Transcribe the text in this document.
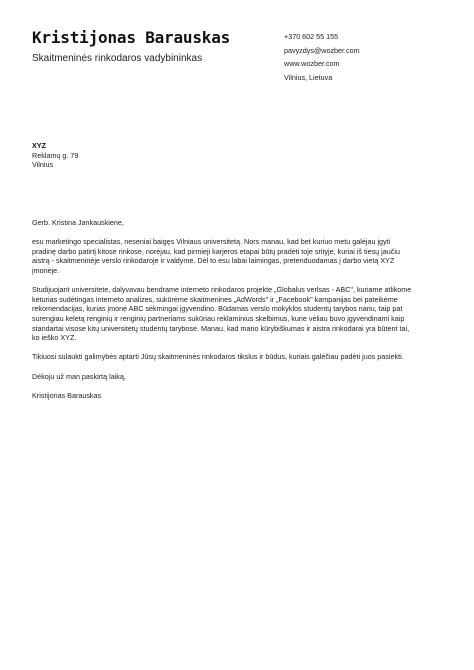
Kristijonas Barauskas
Skaitmeninės rinkodaros vadybininkas
+370 602 55 155
pavyzdys@wozber.com
www.wozber.com
Vilnius, Lietuva
XYZ
Reklamų g. 79
Vilnius

Gerb. Kristina Jankauskiene,

esu marketingo specialistas, neseniai baigęs Vilniaus universitetą. Nors manau, kad bet kuriuo metu galėjau įgyti pradinę darbo patirtį kitose rinkose, norėjau, kad pirmieji karjeros etapai būtų pradėti toje srityje, kuriai iš tiesų jaučiu aistrą - skaitmeninėje verslo rinkodaroje ir valdyme. Dėl to esu labai laimingas, pretenduodamas į darbo vietą XYZ įmonėje.

Studijuojant universitete, dalyvavau bendrame interneto rinkodaros projekte „Globalus verlsas - ABC", kuriame atlikome keturias sudėtingas interneto analizes, sukūrėme skaitmenines „AdWords" ir „Facebook" kampanijas bei pateikėme rekomendacijas, kurias įmonė ABC sėkmingai įgyvendino. Būdamas verslo mokyklos studentų tarybos nariu, taip pat surengiau keletą renginių ir renginių partneriams sukūriau reklaminius skelbimus, kurie vėliau buvo įgyvendinami kaip standartai visose kitų universitetų studentų tarybose. Manau, kad mano kūrybiškumas ir aistra rinkodarai yra būtent tai, ko ieško XYZ.

Tikiuosi sulaukti galimybės aptarti Jūsų skaitmeninės rinkodaros tikslus ir būdus, kuriais galėčiau padėti juos pasiekti.

Dėkoju už man paskirtą laiką,

Kristijonas Barauskas
